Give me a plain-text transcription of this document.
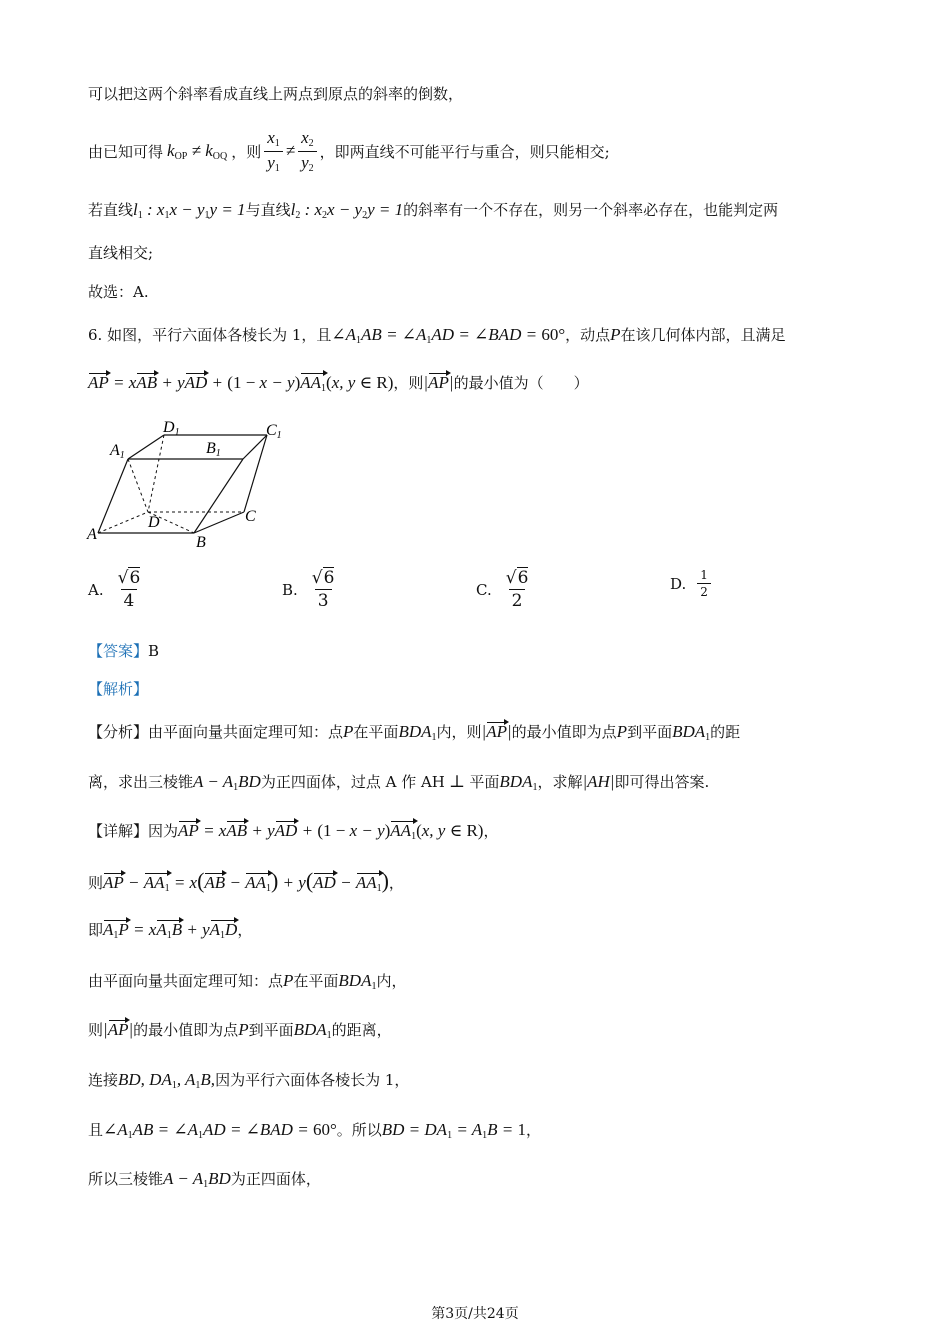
可以把这两个斜率看成直线上两点到原点的斜率的倒数，
由已知可得 $k_{OP} \ne k_{OQ}$ ，则 $\frac{x_1}{y_1} \ne \frac{x_2}{y_2}$ ，即两直线不可能平行与重合，则只能相交;
若直线$l_1$ : $x_1x - y_1y = 1$与直线$l_2$ : $x_2x - y_2y = 1$的斜率有一个不存在，则另一个斜率必存在，也能判定两
直线相交;
故选：A.
6. 如图，平行六面体各棱长为 1，且$\angle A_1AB$ = $\angle A_1AD$ = ∠BAD = 60°，动点P在该几何体内部，且满足
AP = xAB + yAD + $(1 - x - y)AA_1(x$, y ∈ R)，则|AP|的最小值为（　　）
A	B
C
D
A1	B1
C1
D1
A. $\frac{√6}{4}$	B. $\frac{√6}{3}$	C. $\frac{√6}{2}$	D. $\frac{1}{2}$
【答案】B
【解析】
【分析】由平面向量共面定理可知：点P在平面$BDA_1$内，则|AP|的最小值即为点P到平面$BDA_1$的距
离，求出三棱锥$A - A_1BD$为正四面体，过点 A 作 AH ⊥ 平面$BDA_1$，求解|AH|即可得出答案.
【详解】因为AP = xAB + yAD + $(1 - x - y)AA_1(x$, y ∈ R)，
则AP − $AA_1 = x(AB - AA_1) + y(AD - AA_1)$，
即$A_1P = xA_1B + yA_1D$，
由平面向量共面定理可知：点P在平面$BDA_1$内，
则|AP|的最小值即为点P到平面$BDA_1$的距离，
连接BD, $DA_1$, $A_1B$,因为平行六面体各棱长为 1，
且$\angle A_1AB$ = $\angle A_1AD$ = ∠BAD = 60°。所以BD = $DA_1 = A_1B = 1$，
所以三棱锥$A - A_1BD$为正四面体，
第3页/共24页
